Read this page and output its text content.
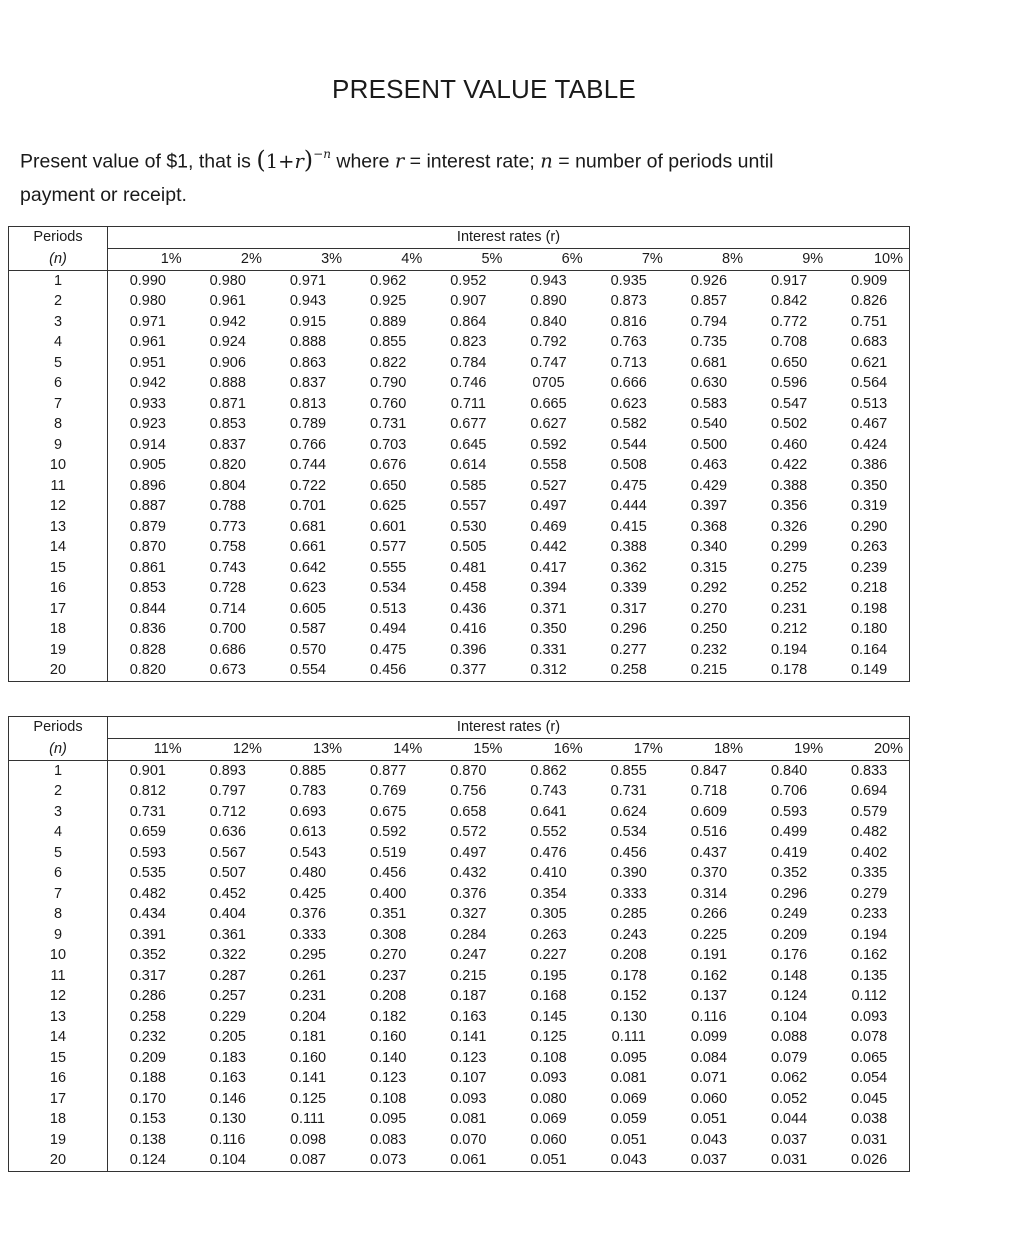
PRESENT VALUE TABLE
Present value of $1, that is $(1+r)^{-n}$ where r = interest rate; n = number of periods until
payment or receipt.
Periods	Interest rates (r)									
(n)	1%	2%	3%	4%	5%	6%	7%	8%	9%	10%
1	0.990	0.980	0.971	0.962	0.952	0.943	0.935	0.926	0.917	0.909
2	0.980	0.961	0.943	0.925	0.907	0.890	0.873	0.857	0.842	0.826
3	0.971	0.942	0.915	0.889	0.864	0.840	0.816	0.794	0.772	0.751
4	0.961	0.924	0.888	0.855	0.823	0.792	0.763	0.735	0.708	0.683
5	0.951	0.906	0.863	0.822	0.784	0.747	0.713	0.681	0.650	0.621
6	0.942	0.888	0.837	0.790	0.746	0705	0.666	0.630	0.596	0.564
7	0.933	0.871	0.813	0.760	0.711	0.665	0.623	0.583	0.547	0.513
8	0.923	0.853	0.789	0.731	0.677	0.627	0.582	0.540	0.502	0.467
9	0.914	0.837	0.766	0.703	0.645	0.592	0.544	0.500	0.460	0.424
10	0.905	0.820	0.744	0.676	0.614	0.558	0.508	0.463	0.422	0.386
11	0.896	0.804	0.722	0.650	0.585	0.527	0.475	0.429	0.388	0.350
12	0.887	0.788	0.701	0.625	0.557	0.497	0.444	0.397	0.356	0.319
13	0.879	0.773	0.681	0.601	0.530	0.469	0.415	0.368	0.326	0.290
14	0.870	0.758	0.661	0.577	0.505	0.442	0.388	0.340	0.299	0.263
15	0.861	0.743	0.642	0.555	0.481	0.417	0.362	0.315	0.275	0.239
16	0.853	0.728	0.623	0.534	0.458	0.394	0.339	0.292	0.252	0.218
17	0.844	0.714	0.605	0.513	0.436	0.371	0.317	0.270	0.231	0.198
18	0.836	0.700	0.587	0.494	0.416	0.350	0.296	0.250	0.212	0.180
19	0.828	0.686	0.570	0.475	0.396	0.331	0.277	0.232	0.194	0.164
20	0.820	0.673	0.554	0.456	0.377	0.312	0.258	0.215	0.178	0.149
Periods	Interest rates (r)									
(n)	11%	12%	13%	14%	15%	16%	17%	18%	19%	20%
1	0.901	0.893	0.885	0.877	0.870	0.862	0.855	0.847	0.840	0.833
2	0.812	0.797	0.783	0.769	0.756	0.743	0.731	0.718	0.706	0.694
3	0.731	0.712	0.693	0.675	0.658	0.641	0.624	0.609	0.593	0.579
4	0.659	0.636	0.613	0.592	0.572	0.552	0.534	0.516	0.499	0.482
5	0.593	0.567	0.543	0.519	0.497	0.476	0.456	0.437	0.419	0.402
6	0.535	0.507	0.480	0.456	0.432	0.410	0.390	0.370	0.352	0.335
7	0.482	0.452	0.425	0.400	0.376	0.354	0.333	0.314	0.296	0.279
8	0.434	0.404	0.376	0.351	0.327	0.305	0.285	0.266	0.249	0.233
9	0.391	0.361	0.333	0.308	0.284	0.263	0.243	0.225	0.209	0.194
10	0.352	0.322	0.295	0.270	0.247	0.227	0.208	0.191	0.176	0.162
11	0.317	0.287	0.261	0.237	0.215	0.195	0.178	0.162	0.148	0.135
12	0.286	0.257	0.231	0.208	0.187	0.168	0.152	0.137	0.124	0.112
13	0.258	0.229	0.204	0.182	0.163	0.145	0.130	0.116	0.104	0.093
14	0.232	0.205	0.181	0.160	0.141	0.125	0.111	0.099	0.088	0.078
15	0.209	0.183	0.160	0.140	0.123	0.108	0.095	0.084	0.079	0.065
16	0.188	0.163	0.141	0.123	0.107	0.093	0.081	0.071	0.062	0.054
17	0.170	0.146	0.125	0.108	0.093	0.080	0.069	0.060	0.052	0.045
18	0.153	0.130	0.111	0.095	0.081	0.069	0.059	0.051	0.044	0.038
19	0.138	0.116	0.098	0.083	0.070	0.060	0.051	0.043	0.037	0.031
20	0.124	0.104	0.087	0.073	0.061	0.051	0.043	0.037	0.031	0.026
